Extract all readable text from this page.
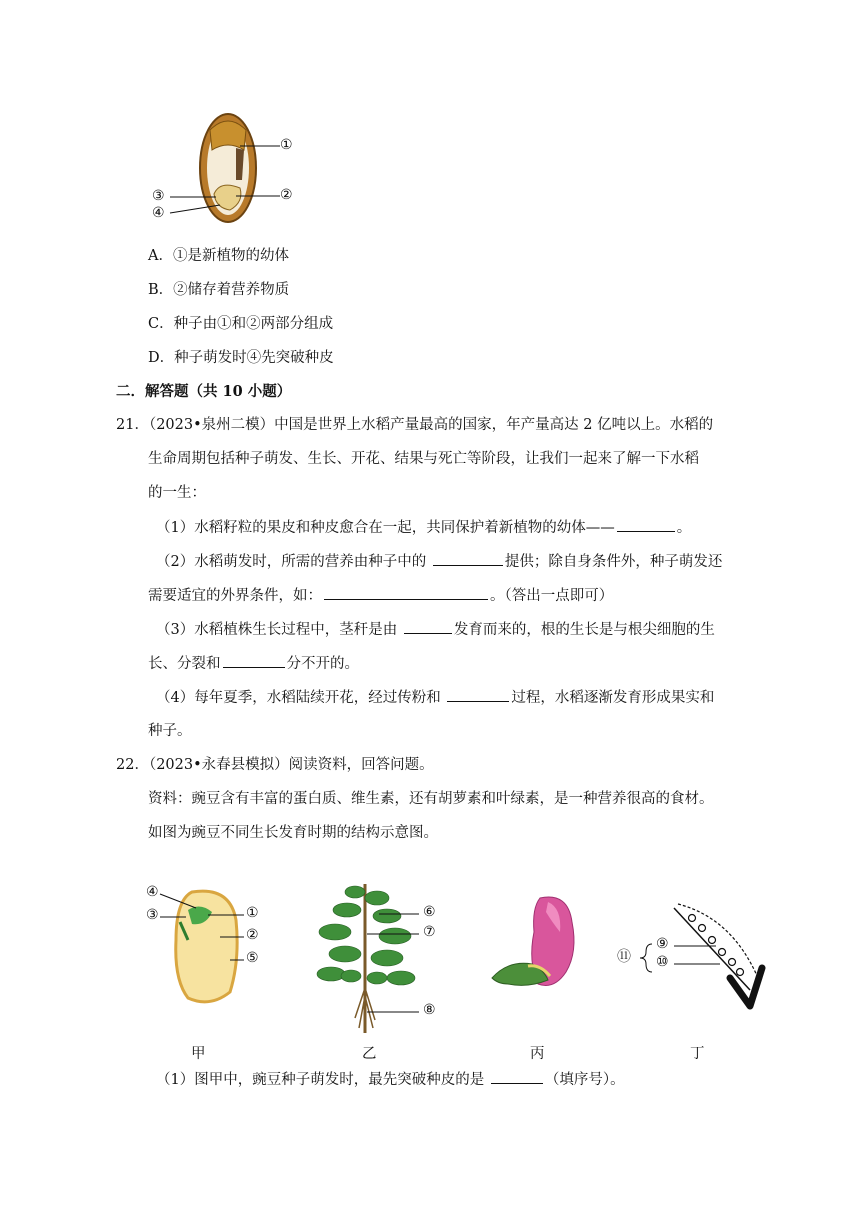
①
②
③
④
A．①是新植物的幼体
B．②储存着营养物质
C．种子由①和②两部分组成
D．种子萌发时④先突破种皮
二．解答题（共 10 小题）
21．（2023•泉州二模）中国是世界上水稻产量最高的国家，年产量高达 2 亿吨以上。水稻的
生命周期包括种子萌发、生长、开花、结果与死亡等阶段，让我们一起来了解一下水稻
的一生：
（1）水稻籽粒的果皮和种皮愈合在一起，共同保护着新植物的幼体——	。
（2）水稻萌发时，所需的营养由种子中的	提供；除自身条件外，种子萌发还
需要适宜的外界条件，如：	。（答出一点即可）
（3）水稻植株生长过程中，茎秆是由	发育而来的，根的生长是与根尖细胞的生
长、分裂和	分不开的。
（4）每年夏季，水稻陆续开花，经过传粉和	过程，水稻逐渐发育形成果实和
种子。
22．（2023•永春县模拟）阅读资料，回答问题。
资料：豌豆含有丰富的蛋白质、维生素，还有胡萝素和叶绿素，是一种营养很高的食材。
如图为豌豆不同生长发育时期的结构示意图。
④
③	①
②
⑤
⑥
⑦
⑧
⑪
⑨
⑩
甲	乙	丙	丁
（1）图甲中，豌豆种子萌发时，最先突破种皮的是	（填序号）。
